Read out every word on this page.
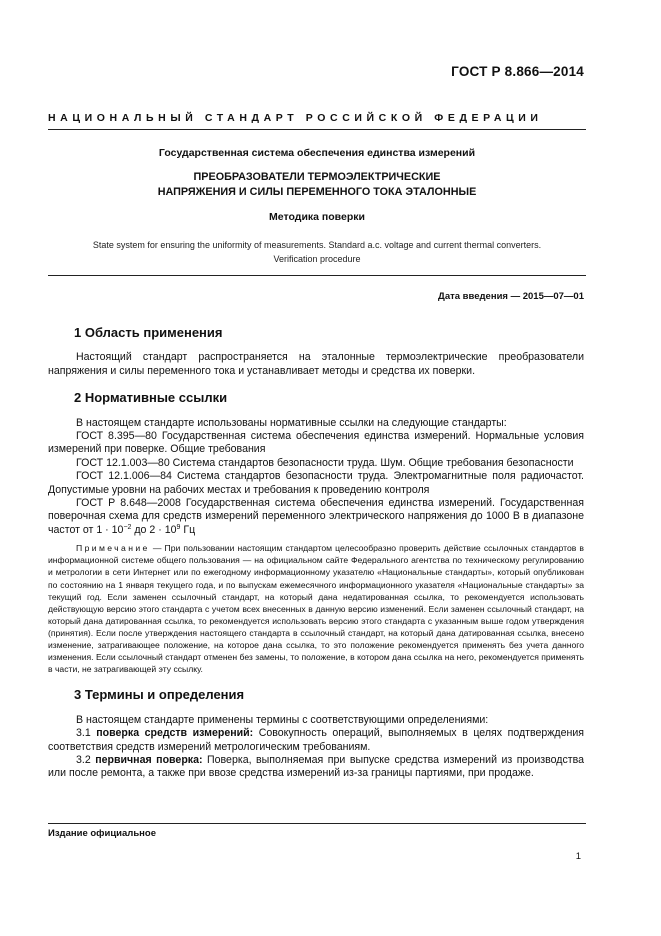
ГОСТ Р 8.866—2014
НАЦИОНАЛЬНЫЙ СТАНДАРТ РОССИЙСКОЙ ФЕДЕРАЦИИ
Государственная система обеспечения единства измерений
ПРЕОБРАЗОВАТЕЛИ ТЕРМОЭЛЕКТРИЧЕСКИЕ
НАПРЯЖЕНИЯ И СИЛЫ ПЕРЕМЕННОГО ТОКА ЭТАЛОННЫЕ
Методика поверки
State system for ensuring the uniformity of measurements. Standard a.c. voltage and current thermal converters.
Verification procedure
Дата введения — 2015—07—01
1 Область применения

Настоящий стандарт распространяется на эталонные термоэлектрические преобразователи напряжения и силы переменного тока и устанавливает методы и средства их поверки.

2 Нормативные ссылки

В настоящем стандарте использованы нормативные ссылки на следующие стандарты:

ГОСТ 8.395—80 Государственная система обеспечения единства измерений. Нормальные условия измерений при поверке. Общие требования

ГОСТ 12.1.003—80 Система стандартов безопасности труда. Шум. Общие требования безопасности

ГОСТ 12.1.006—84 Система стандартов безопасности труда. Электромагнитные поля радиочастот. Допустимые уровни на рабочих местах и требования к проведению контроля

ГОСТ Р 8.648—2008 Государственная система обеспечения единства измерений. Государственная поверочная схема для средств измерений переменного электрического напряжения до 1000 В в диапазоне частот от $1 \cdot 10^{-2}$ до $2 \cdot 10^9$ Гц

Примечание — При пользовании настоящим стандартом целесообразно проверить действие ссылочных стандартов в информационной системе общего пользования — на официальном сайте Федерального агентства по техническому регулированию и метрологии в сети Интернет или по ежегодному информационному указателю «Национальные стандарты», который опубликован по состоянию на 1 января текущего года, и по выпускам ежемесячного информационного указателя «Национальные стандарты» за текущий год. Если заменен ссылочный стандарт, на который дана недатированная ссылка, то рекомендуется использовать действующую версию этого стандарта с учетом всех внесенных в данную версию изменений. Если заменен ссылочный стандарт, на который дана датированная ссылка, то рекомендуется использовать версию этого стандарта с указанным выше годом утверждения (принятия). Если после утверждения настоящего стандарта в ссылочный стандарт, на который дана датированная ссылка, внесено изменение, затрагивающее положение, на которое дана ссылка, то это положение рекомендуется применять без учета данного изменения. Если ссылочный стандарт отменен без замены, то положение, в котором дана ссылка на него, рекомендуется применять в части, не затрагивающей эту ссылку.
3 Термины и определения

В настоящем стандарте применены термины с соответствующими определениями:

3.1 поверка средств измерений: Совокупность операций, выполняемых в целях подтверждения соответствия средств измерений метрологическим требованиям.

3.2 первичная поверка: Поверка, выполняемая при выпуске средства измерений из производства или после ремонта, а также при ввозе средства измерений из-за границы партиями, при продаже.

Издание официальное
1
